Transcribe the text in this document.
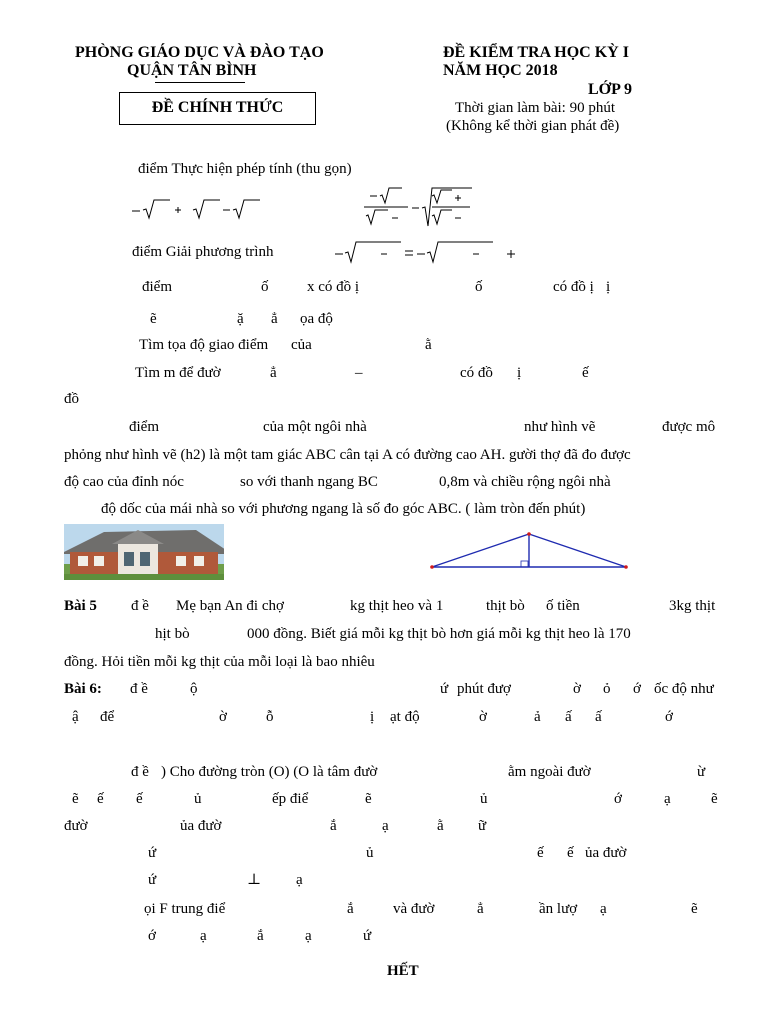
PHÒNG GIÁO DỤC VÀ ĐÀO TẠO
QUẬN TÂN BÌNH
ĐỀ CHÍNH THỨC
ĐỀ KIỂM TRA HỌC KỲ I
NĂM HỌC 2018
LỚP 9
Thời gian làm bài: 90 phút
(Không kể thời gian phát đề)
điểm Thực hiện phép tính (thu gọn)
điểm Giải phương trình
điểm	ố	x có đồ ị	ố	có đồ ị ị
ẽ	ặ ẳ ọa độ
Tìm tọa độ giao điểm của	ằ
Tìm m để đườ	ẳ	–	có đồ ị	ế
đồ
điểm	của một ngôi nhà	như hình vẽ	được mô
phỏng như hình vẽ (h2) là một tam giác ABC cân tại A có đường cao AH. gười thợ đã đo được
độ cao của đỉnh nóc	so với thanh ngang BC	0,8m và chiều rộng ngôi nhà
độ dốc của mái nhà so với phương ngang là số đo góc ABC. ( làm tròn đến phút)
Bài 5 đ ề Mẹ bạn An đi chợ	kg thịt heo và 1	thịt bò ố tiền	3kg thịt
hịt bò	000 đồng. Biết giá mỗi kg thịt bò hơn giá mỗi kg thịt heo là 170
đồng. Hỏi tiền mỗi kg thịt của mỗi loại là bao nhiêu
Bài 6: đ ề	ộ	ứ phút đượ	ờ ỏ ớ ốc độ như
ậ để	ờ	ỗ	ị ạt độ	ờ	ả ấ ấ	ớ
đ ề ) Cho đường tròn (O) (O là tâm đườ	ằm ngoài đườ	ừ
ẽ ế ế	ủ	ếp điể	ẽ	ủ	ớ	ạ	ẽ
đườ	ủa đườ	ắ	ạ	ằ ữ
ứ	ủ	ế ế ủa đườ
ứ	⊥ ạ
ọi F trung điể	ắ	và đườ	ẳ	ần lượ ạ	ẽ
ớ	ạ	ắ	ạ	ứ
HẾT
